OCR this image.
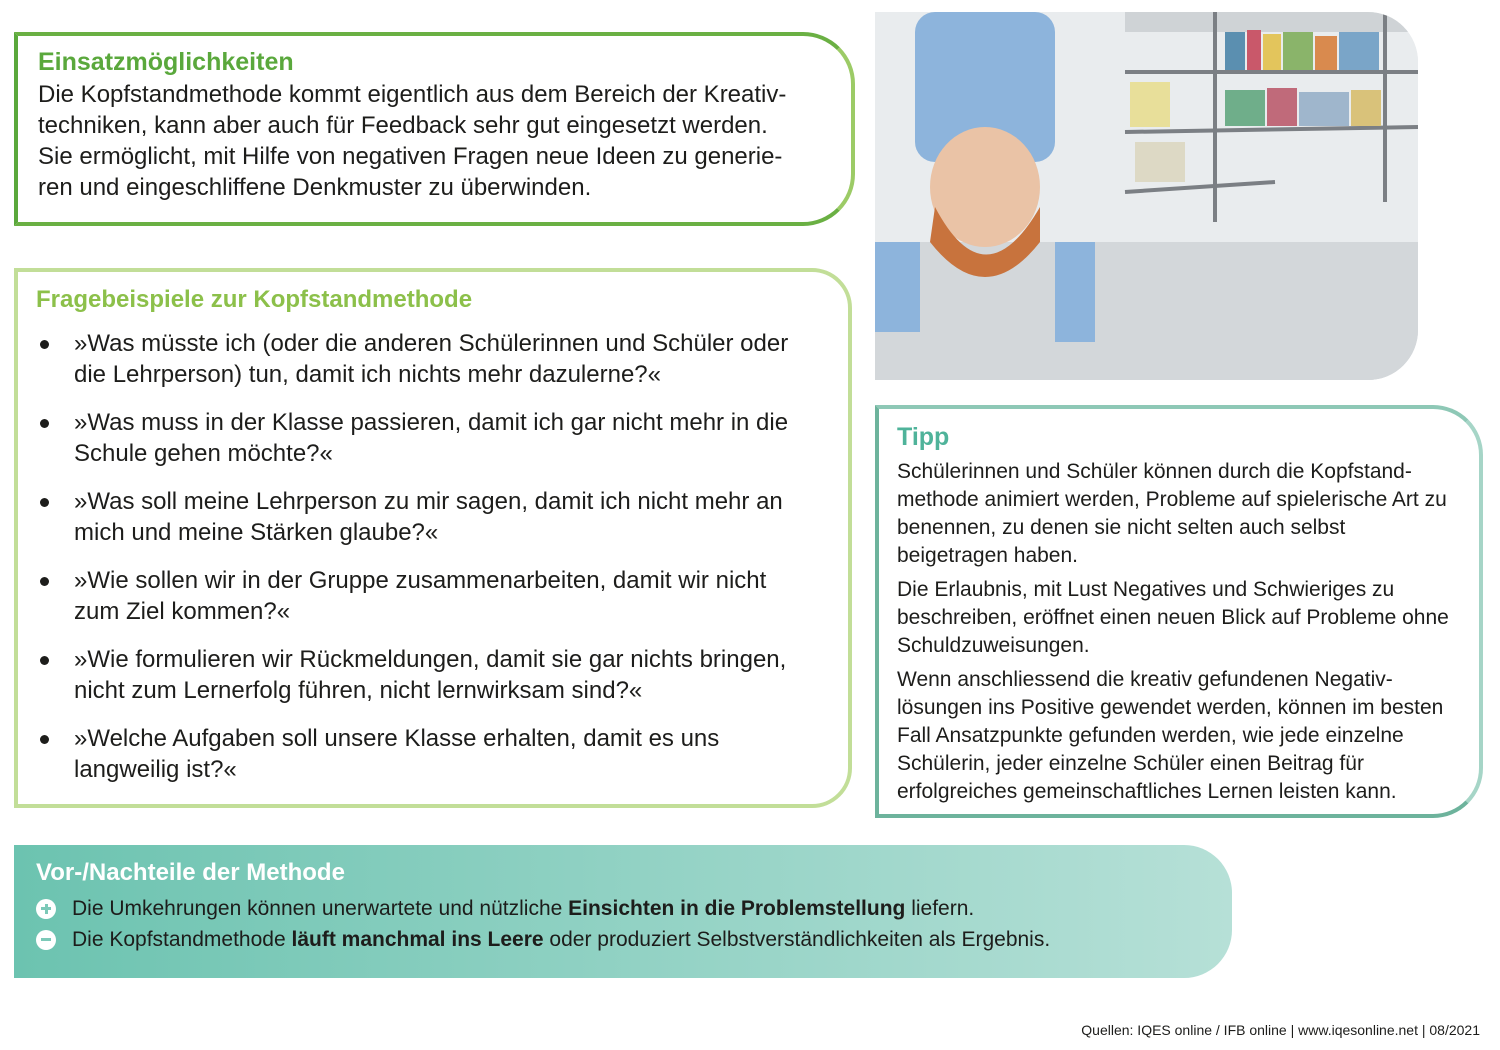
Einsatzmöglichkeiten

Die Kopfstandmethode kommt eigentlich aus dem Bereich der Kreativ-
techniken, kann aber auch für Feedback sehr gut eingesetzt werden.
Sie ermöglicht, mit Hilfe von negativen Fragen neue Ideen zu generie-
ren und eingeschliffene Denkmuster zu überwinden.

Fragebeispiele zur Kopfstandmethode
»Was müsste ich (oder die anderen Schülerinnen und Schüler oder die Lehrperson) tun, damit ich nichts mehr dazulerne?«
»Was muss in der Klasse passieren, damit ich gar nicht mehr in die Schule gehen möchte?«
»Was soll meine Lehrperson zu mir sagen, damit ich nicht mehr an mich und meine Stärken glaube?«
»Wie sollen wir in der Gruppe zusammenarbeiten, damit wir nicht zum Ziel kommen?«
»Wie formulieren wir Rückmeldungen, damit sie gar nichts bringen, nicht zum Lernerfolg führen, nicht lernwirksam sind?«
»Welche Aufgaben soll unsere Klasse erhalten, damit es uns langweilig ist?«
Tipp

Schülerinnen und Schüler können durch die Kopfstandmethode animiert werden, Probleme auf spielerische Art zu benennen, zu denen sie nicht selten auch selbst beigetragen haben.

Die Erlaubnis, mit Lust Negatives und Schwieriges zu beschreiben, eröffnet einen neuen Blick auf Probleme ohne Schuldzuweisungen.

Wenn anschliessend die kreativ gefundenen Negativlösungen ins Positive gewendet werden, können im besten Fall Ansatzpunkte gefunden werden, wie jede einzelne Schülerin, jeder einzelne Schüler einen Beitrag für erfolgreiches gemeinschaftliches Lernen leisten kann.

Vor-/Nachteile der Methode
Die Umkehrungen können unerwartete und nützliche Einsichten in die Problemstellung liefern.
Die Kopfstandmethode läuft manchmal ins Leere oder produziert Selbstverständlichkeiten als Ergebnis.
Quellen: IQES online / IFB online | www.iqesonline.net | 08/2021
